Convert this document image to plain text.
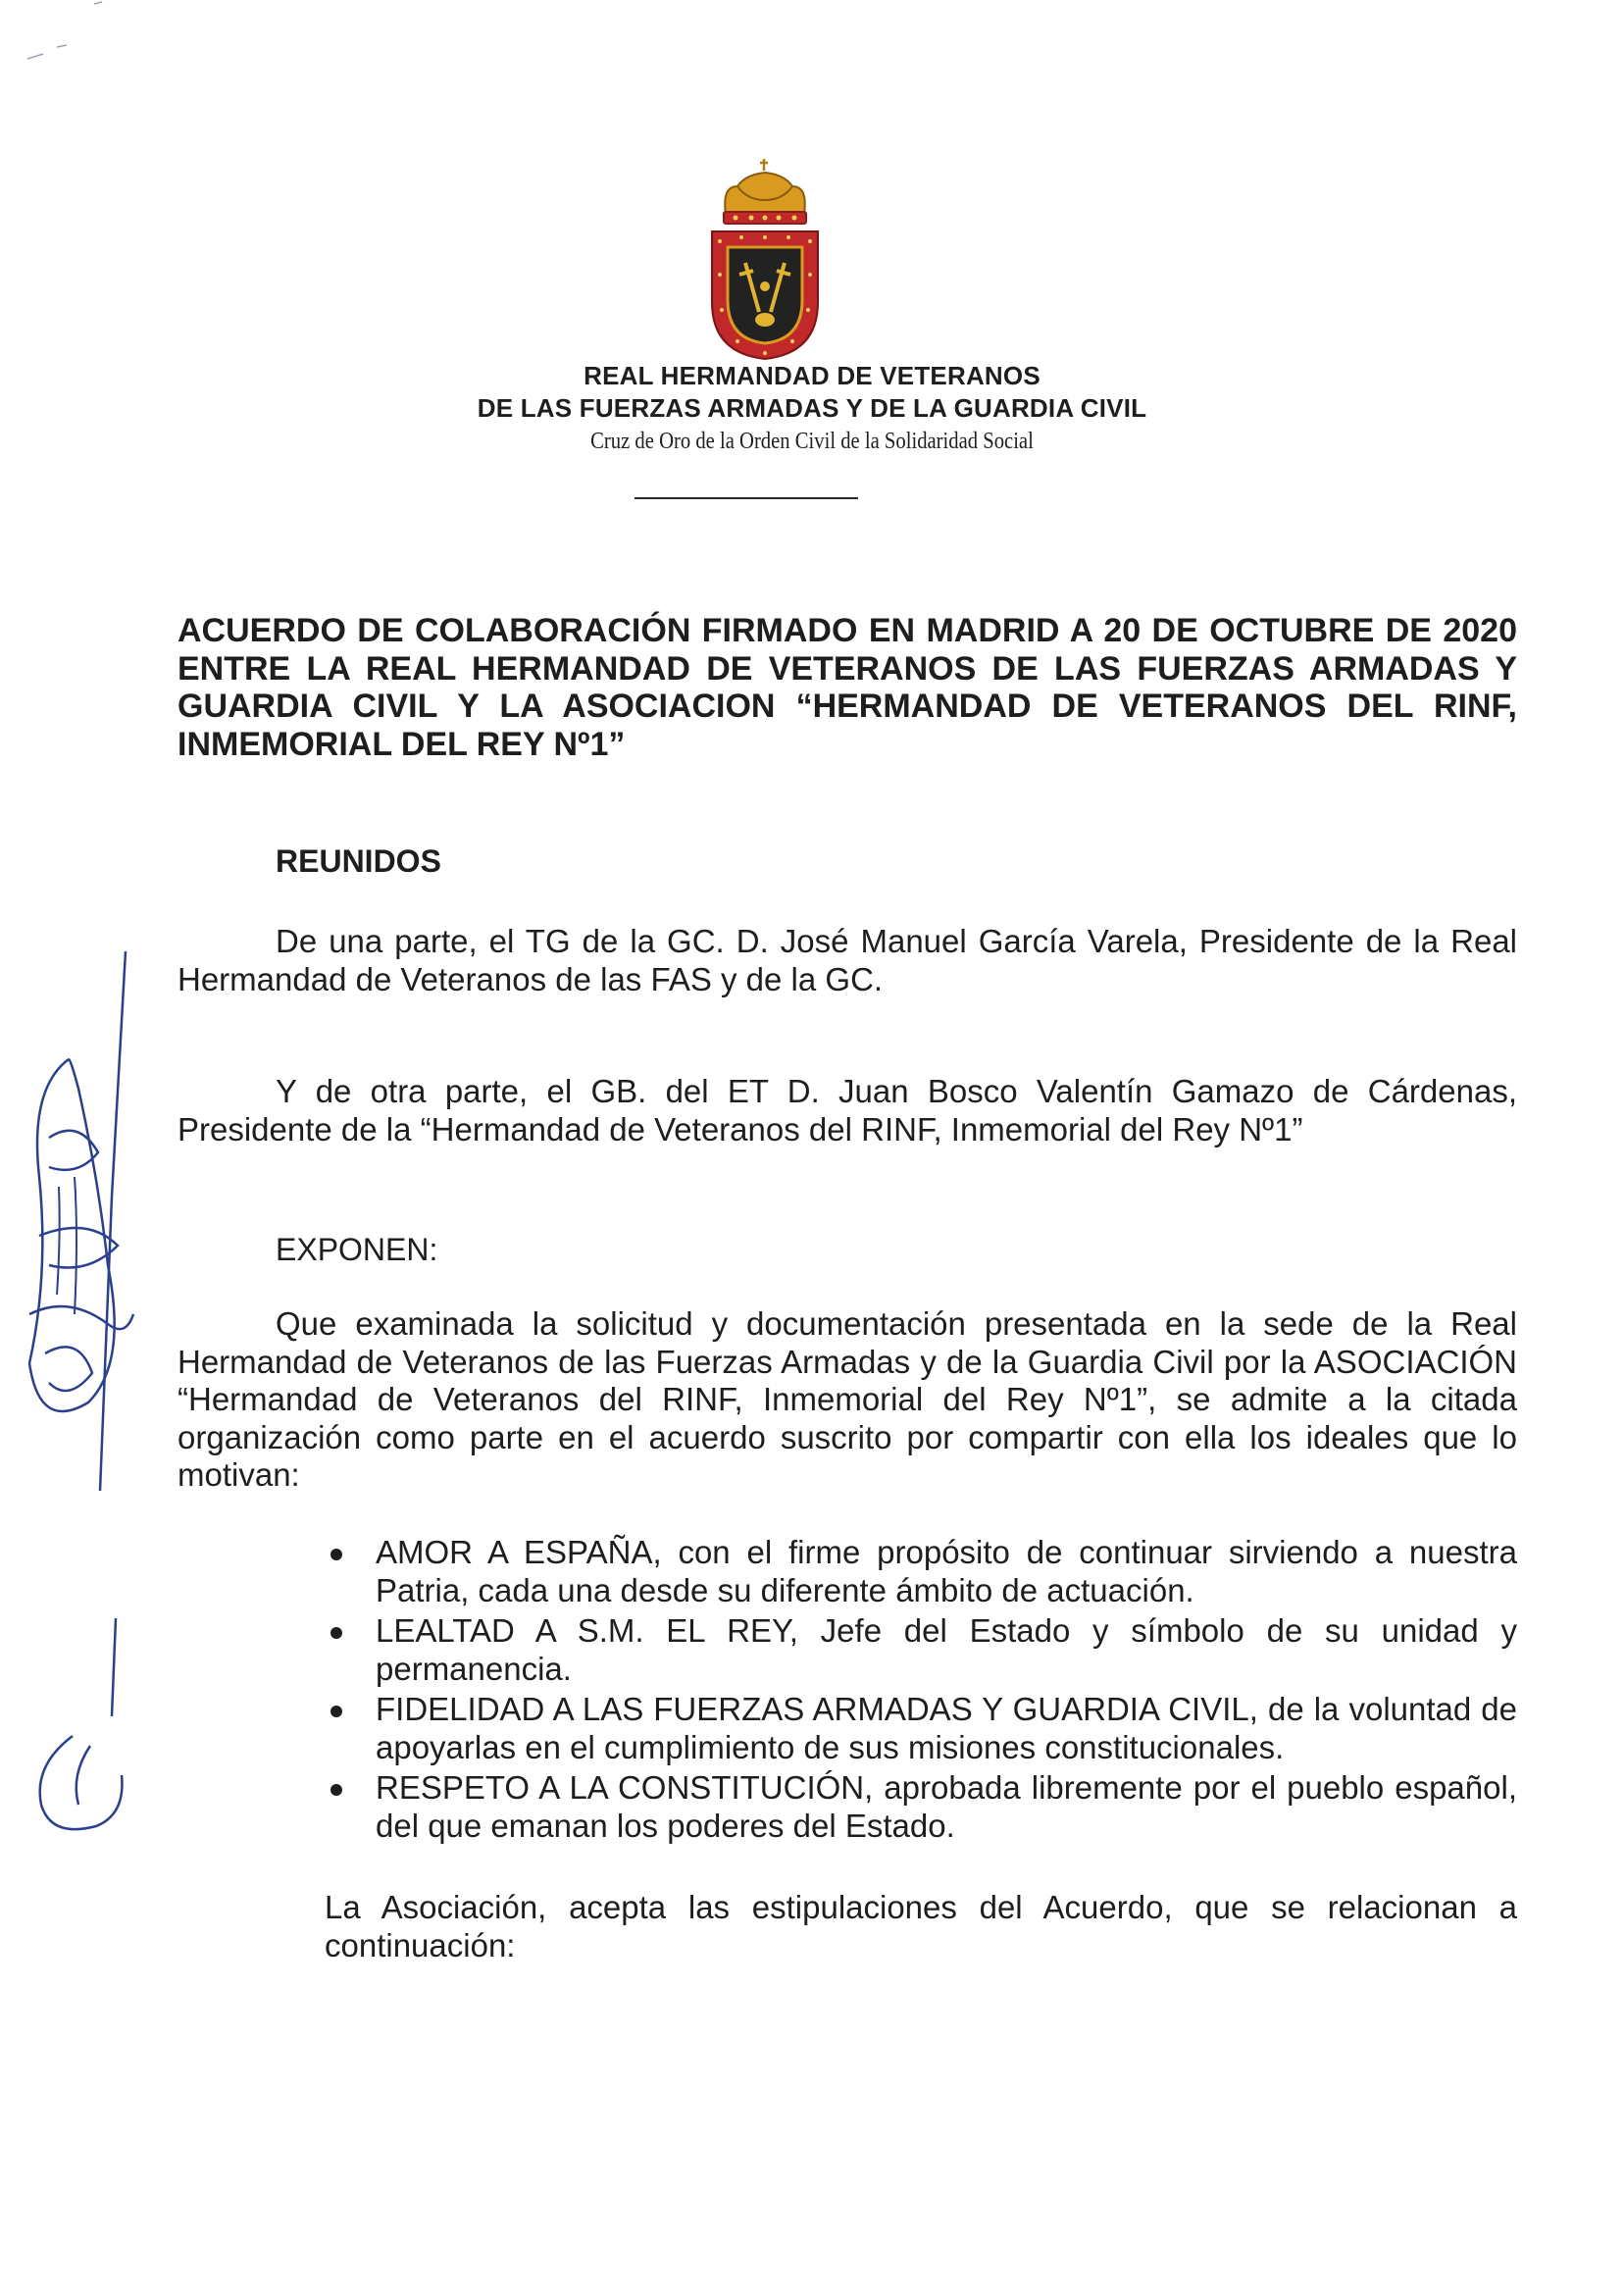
REAL HERMANDAD DE VETERANOS
DE LAS FUERZAS ARMADAS Y DE LA GUARDIA CIVIL
Cruz de Oro de la Orden Civil de la Solidaridad Social

ACUERDO DE COLABORACIÓN FIRMADO EN MADRID A 20 DE OCTUBRE DE 2020 ENTRE LA REAL HERMANDAD DE VETERANOS DE LAS FUERZAS ARMADAS Y GUARDIA CIVIL Y LA ASOCIACION “HERMANDAD DE VETERANOS DEL RINF, INMEMORIAL DEL REY Nº1”

REUNIDOS

De una parte, el TG de la GC. D. José Manuel García Varela, Presidente de la Real Hermandad de Veteranos de las FAS y de la GC.

Y de otra parte, el GB. del ET D. Juan Bosco Valentín Gamazo de Cárdenas, Presidente de la “Hermandad de Veteranos del RINF, Inmemorial del Rey Nº1”

EXPONEN:

Que examinada la solicitud y documentación presentada en la sede de la Real Hermandad de Veteranos de las Fuerzas Armadas y de la Guardia Civil por la ASOCIACIÓN “Hermandad de Veteranos del RINF, Inmemorial del Rey Nº1”, se admite a la citada organización como parte en el acuerdo suscrito por compartir con ella los ideales que lo motivan:

AMOR A ESPAÑA, con el firme propósito de continuar sirviendo a nuestra Patria, cada una desde su diferente ámbito de actuación.
LEALTAD A S.M. EL REY, Jefe del Estado y símbolo de su unidad y permanencia.
FIDELIDAD A LAS FUERZAS ARMADAS Y GUARDIA CIVIL, de la voluntad de apoyarlas en el cumplimiento de sus misiones constitucionales.
RESPETO A LA CONSTITUCIÓN, aprobada libremente por el pueblo español, del que emanan los poderes del Estado.

La Asociación, acepta las estipulaciones del Acuerdo, que se relacionan a continuación:
